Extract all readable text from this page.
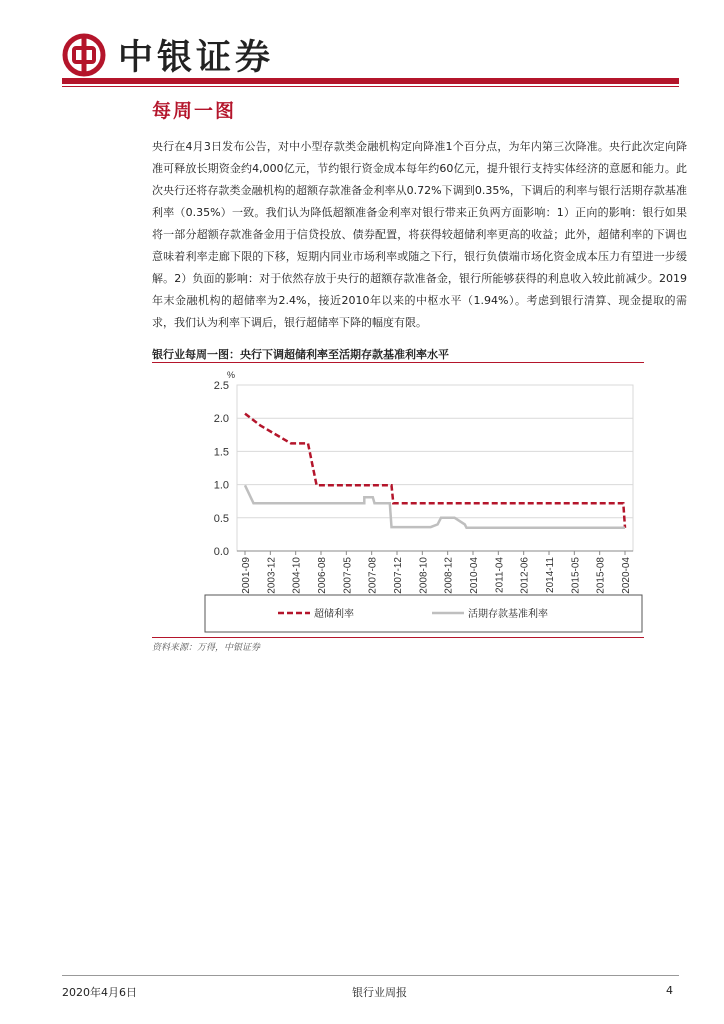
中银证券
每周一图

央行在4月3日发布公告，对中小型存款类金融机构定向降准1个百分点，为年内第三次降准。央行此次定向降准可释放长期资金约4,000亿元，节约银行资金成本每年约60亿元，提升银行支持实体经济的意愿和能力。此次央行还将存款类金融机构的超额存款准备金利率从0.72%下调到0.35%，下调后的利率与银行活期存款基准利率（0.35%）一致。我们认为降低超额准备金利率对银行带来正负两方面影响：1）正向的影响：银行如果将一部分超额存款准备金用于信贷投放、债券配置，将获得较超储利率更高的收益；此外，超储利率的下调也意味着利率走廊下限的下移，短期内同业市场利率或随之下行，银行负债端市场化资金成本压力有望进一步缓解。2）负面的影响：对于依然存放于央行的超额存款准备金，银行所能够获得的利息收入较此前减少。2019年末金融机构的超储率为2.4%，接近2010年以来的中枢水平（1.94%）。考虑到银行清算、现金提取的需求，我们认为利率下调后，银行超储率下降的幅度有限。

银行业每周一图：央行下调超储利率至活期存款基准利率水平
0.0
0.5
1.0
1.5
2.0
2.5
%
2001-09 2003-12 2004-10 2006-08 2007-05 2007-08 2007-12 2008-10 2008-12 2010-04 2011-04 2012-06 2014-11 2015-05 2015-08 2020-04
超储利率	活期存款基准利率
资料来源：万得，中银证券
2020年4月6日	银行业周报	4
